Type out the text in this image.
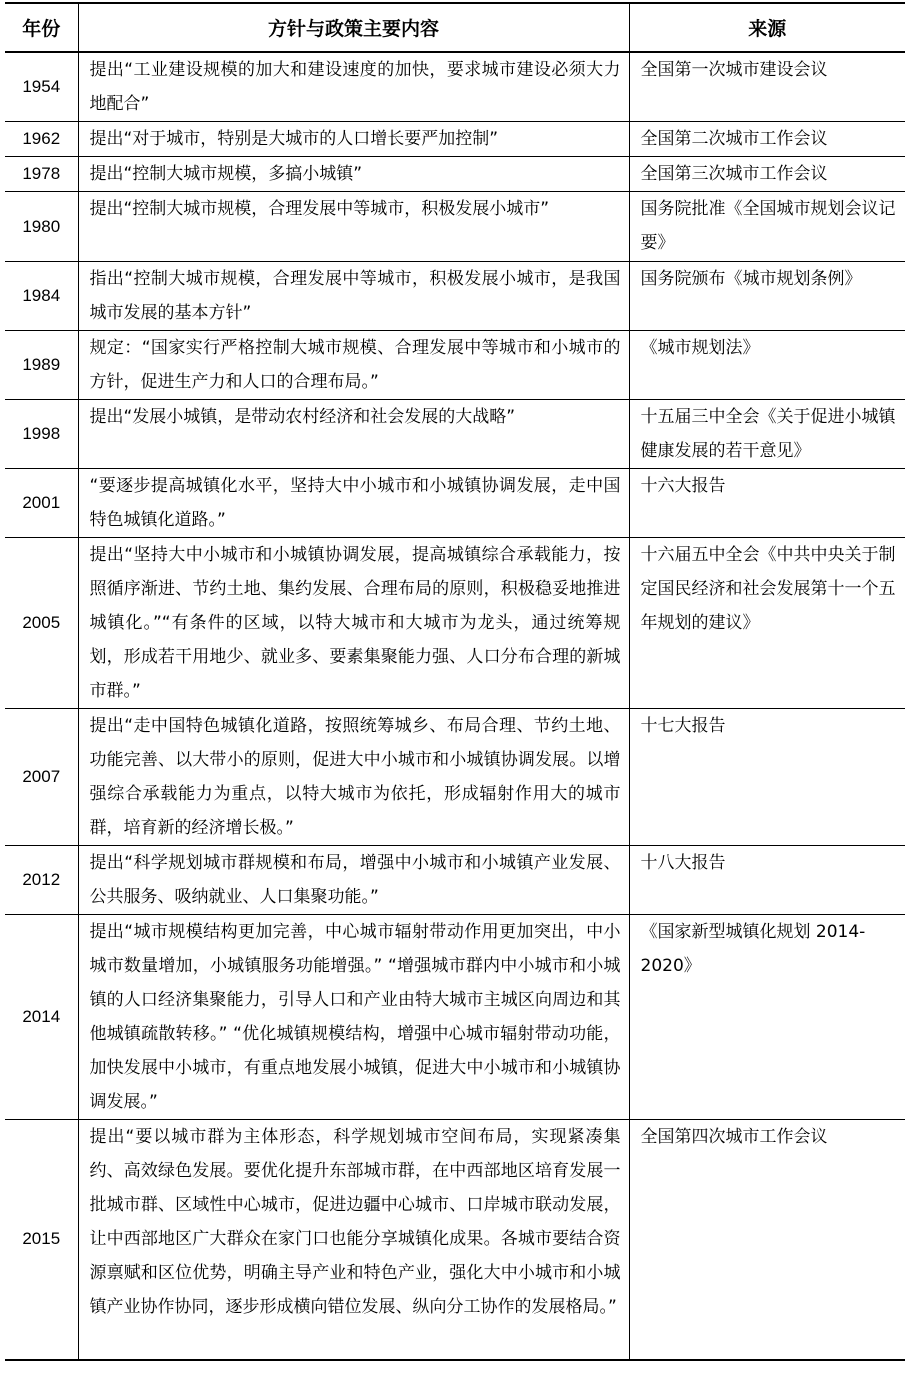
年份	方针与政策主要内容	来源
1954	提出“工业建设规模的加大和建设速度的加快，要求城市建设必须大力地配合”	全国第一次城市建设会议
1962	提出“对于城市，特别是大城市的人口增长要严加控制”	全国第二次城市工作会议
1978	提出“控制大城市规模，多搞小城镇”	全国第三次城市工作会议
1980	提出“控制大城市规模，合理发展中等城市，积极发展小城市”	国务院批准《全国城市规划会议记要》
1984	指出“控制大城市规模，合理发展中等城市，积极发展小城市，是我国城市发展的基本方针”	国务院颁布《城市规划条例》
1989	规定：“国家实行严格控制大城市规模、合理发展中等城市和小城市的方针，促进生产力和人口的合理布局。”	《城市规划法》
1998	提出“发展小城镇，是带动农村经济和社会发展的大战略”	十五届三中全会《关于促进小城镇健康发展的若干意见》
2001	“要逐步提高城镇化水平，坚持大中小城市和小城镇协调发展，走中国特色城镇化道路。”	十六大报告
2005	提出“坚持大中小城市和小城镇协调发展，提高城镇综合承载能力，按照循序渐进、节约土地、集约发展、合理布局的原则，积极稳妥地推进城镇化。”“有条件的区域，以特大城市和大城市为龙头，通过统筹规划，形成若干用地少、就业多、要素集聚能力强、人口分布合理的新城市群。”	十六届五中全会《中共中央关于制定国民经济和社会发展第十一个五年规划的建议》
2007	提出“走中国特色城镇化道路，按照统筹城乡、布局合理、节约土地、功能完善、以大带小的原则，促进大中小城市和小城镇协调发展。以增强综合承载能力为重点，以特大城市为依托，形成辐射作用大的城市群，培育新的经济增长极。”	十七大报告
2012	提出“科学规划城市群规模和布局，增强中小城市和小城镇产业发展、公共服务、吸纳就业、人口集聚功能。”	十八大报告
2014	提出“城市规模结构更加完善，中心城市辐射带动作用更加突出，中小城市数量增加，小城镇服务功能增强。” “增强城市群内中小城市和小城镇的人口经济集聚能力，引导人口和产业由特大城市主城区向周边和其他城镇疏散转移。” “优化城镇规模结构，增强中心城市辐射带动功能，加快发展中小城市，有重点地发展小城镇，促进大中小城市和小城镇协调发展。”	《国家新型城镇化规划 2014-2020》
2015	提出“要以城市群为主体形态，科学规划城市空间布局，实现紧凑集约、高效绿色发展。要优化提升东部城市群，在中西部地区培育发展一批城市群、区域性中心城市，促进边疆中心城市、口岸城市联动发展，让中西部地区广大群众在家门口也能分享城镇化成果。各城市要结合资源禀赋和区位优势，明确主导产业和特色产业，强化大中小城市和小城镇产业协作协同，逐步形成横向错位发展、纵向分工协作的发展格局。”	全国第四次城市工作会议
